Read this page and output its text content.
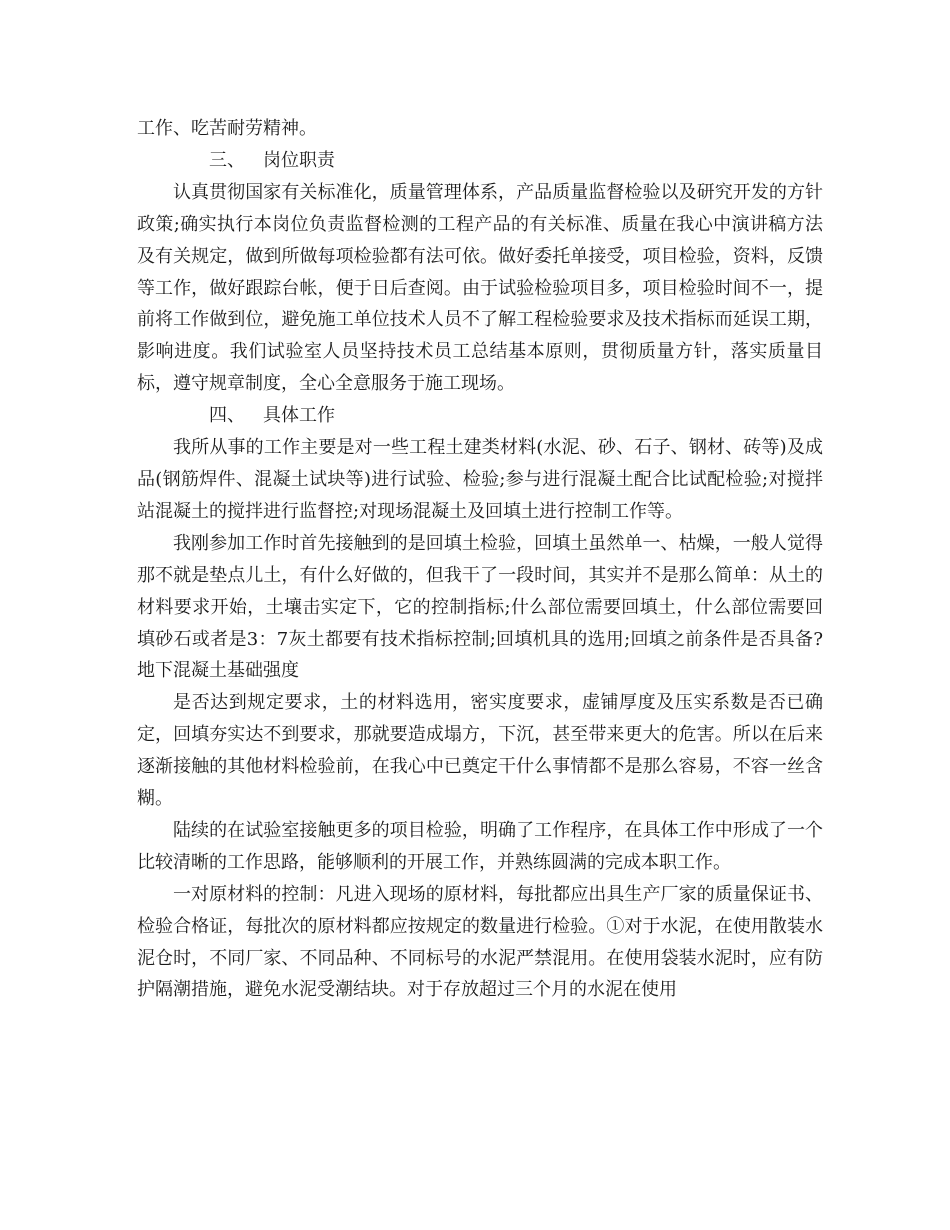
工作、吃苦耐劳精神。

三、 岗位职责

认真贯彻国家有关标准化，质量管理体系，产品质量监督检验以及研究开发的方针政策;确实执行本岗位负责监督检测的工程产品的有关标准、质量在我心中演讲稿方法及有关规定，做到所做每项检验都有法可依。做好委托单接受，项目检验，资料，反馈等工作，做好跟踪台帐，便于日后查阅。由于试验检验项目多，项目检验时间不一，提前将工作做到位，避免施工单位技术人员不了解工程检验要求及技术指标而延误工期，影响进度。我们试验室人员坚持技术员工总结基本原则，贯彻质量方针，落实质量目标，遵守规章制度，全心全意服务于施工现场。

四、 具体工作

我所从事的工作主要是对一些工程土建类材料(水泥、砂、石子、钢材、砖等)及成品(钢筋焊件、混凝土试块等)进行试验、检验;参与进行混凝土配合比试配检验;对搅拌站混凝土的搅拌进行监督控;对现场混凝土及回填土进行控制工作等。

我刚参加工作时首先接触到的是回填土检验，回填土虽然单一、枯燥，一般人觉得那不就是垫点儿土，有什么好做的，但我干了一段时间，其实并不是那么简单：从土的材料要求开始，土壤击实定下，它的控制指标;什么部位需要回填土，什么部位需要回填砂石或者是3：7灰土都要有技术指标控制;回填机具的选用;回填之前条件是否具备?地下混凝土基础强度

是否达到规定要求，土的材料选用，密实度要求，虚铺厚度及压实系数是否已确定，回填夯实达不到要求，那就要造成塌方，下沉，甚至带来更大的危害。所以在后来逐渐接触的其他材料检验前，在我心中已奠定干什么事情都不是那么容易，不容一丝含糊。

陆续的在试验室接触更多的项目检验，明确了工作程序，在具体工作中形成了一个比较清晰的工作思路，能够顺利的开展工作，并熟练圆满的完成本职工作。

一对原材料的控制：凡进入现场的原材料，每批都应出具生产厂家的质量保证书、检验合格证，每批次的原材料都应按规定的数量进行检验。①对于水泥，在使用散装水泥仓时，不同厂家、不同品种、不同标号的水泥严禁混用。在使用袋装水泥时，应有防护隔潮措施，避免水泥受潮结块。对于存放超过三个月的水泥在使用
